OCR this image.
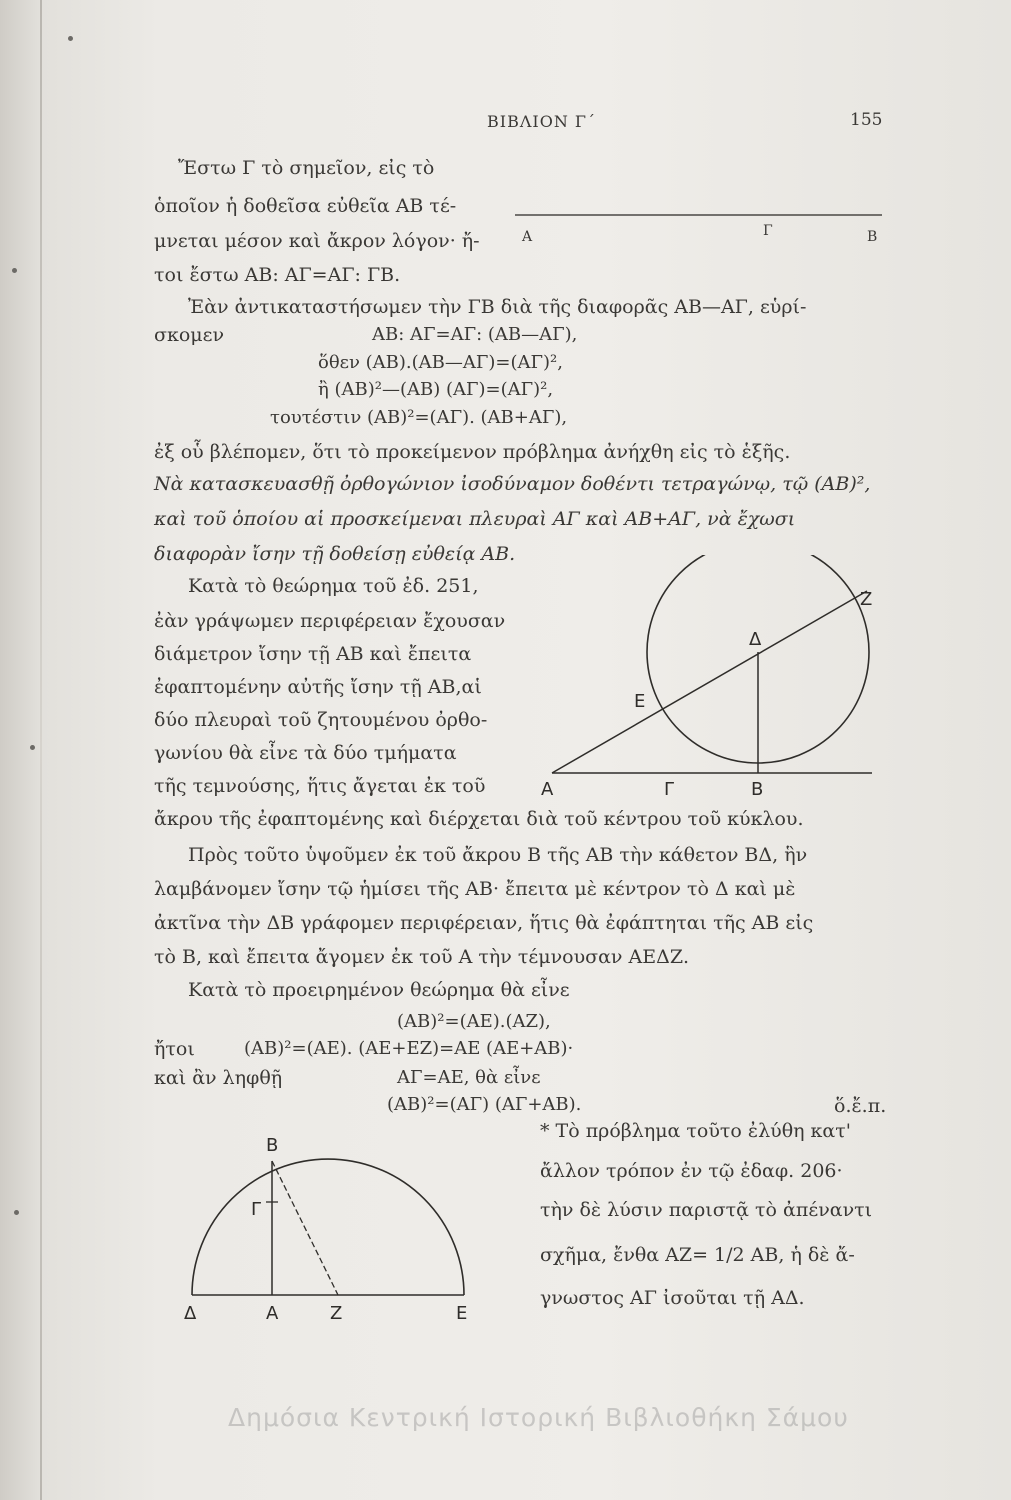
ΒΙΒΛΙΟΝ Γ΄	155
Ἔστω Γ τὸ σημεῖον, εἰς τὸ
ὁποῖον ἡ δοθεῖσα εὐθεῖα ΑΒ τέ-
μνεται μέσον καὶ ἄκρον λόγον· ἤ-
τοι ἔστω ΑΒ: ΑΓ=ΑΓ: ΓΒ.
Α	Γ	Β
Ἐὰν ἀντικαταστήσωμεν τὴν ΓΒ διὰ τῆς διαφορᾶς ΑΒ—ΑΓ, εὑρί-
σκομεν	ΑΒ: ΑΓ=ΑΓ: (ΑΒ—ΑΓ),
ὅθεν (ΑΒ).(ΑΒ—ΑΓ)=(ΑΓ)²,
ἢ (ΑΒ)²—(ΑΒ) (ΑΓ)=(ΑΓ)²,
τουτέστιν (ΑΒ)²=(ΑΓ). (ΑΒ+ΑΓ),
ἐξ οὗ βλέπομεν, ὅτι τὸ προκείμενον πρόβλημα ἀνήχθη εἰς τὸ ἑξῆς.
Νὰ κατασκευασθῇ ὀρθογώνιον ἰσοδύναμον δοθέντι τετραγώνῳ, τῷ (ΑΒ)²,
καὶ τοῦ ὁποίου αἱ προσκείμεναι πλευραὶ ΑΓ καὶ ΑΒ+ΑΓ, νὰ ἔχωσι
διαφορὰν ἴσην τῇ δοθείσῃ εὐθείᾳ ΑΒ.
Κατὰ τὸ θεώρημα τοῦ ἐδ. 251,
ἐὰν γράψωμεν περιφέρειαν ἔχουσαν
διάμετρον ἴσην τῇ ΑΒ καὶ ἔπειτα
ἐφαπτομένην αὐτῆς ἴσην τῇ ΑΒ,αἱ
δύο πλευραὶ τοῦ ζητουμένου ὀρθο-
γωνίου θὰ εἶνε τὰ δύο τμήματα
τῆς τεμνούσης, ἥτις ἄγεται ἐκ τοῦ
ἄκρου τῆς ἐφαπτομένης καὶ διέρχεται διὰ τοῦ κέντρου τοῦ κύκλου.
Z
Δ
E
A	Γ	B
Πρὸς τοῦτο ὑψοῦμεν ἐκ τοῦ ἄκρου Β τῆς ΑΒ τὴν κάθετον ΒΔ, ἣν
λαμβάνομεν ἴσην τῷ ἡμίσει τῆς ΑΒ· ἔπειτα μὲ κέντρον τὸ Δ καὶ μὲ
ἀκτῖνα τὴν ΔΒ γράφομεν περιφέρειαν, ἥτις θὰ ἐφάπτηται τῆς ΑΒ εἰς
τὸ Β, καὶ ἔπειτα ἄγομεν ἐκ τοῦ Α τὴν τέμνουσαν ΑΕΔΖ.
Κατὰ τὸ προειρημένον θεώρημα θὰ εἶνε
(ΑΒ)²=(ΑΕ).(ΑΖ),
ἤτοι	(ΑΒ)²=(ΑΕ). (ΑΕ+ΕΖ)=ΑΕ (ΑΕ+ΑΒ)·
καὶ ἂν ληφθῇ	ΑΓ=ΑΕ, θὰ εἶνε
(ΑΒ)²=(ΑΓ) (ΑΓ+ΑΒ).	ὅ.ἔ.π.
* Τὸ πρόβλημα τοῦτο ἐλύθη κατ'
ἄλλον τρόπον ἐν τῷ ἐδαφ. 206·
τὴν δὲ λύσιν παριστᾷ τὸ ἀπέναντι
σχῆμα, ἔνθα ΑΖ= 1/2 ΑΒ, ἡ δὲ ἄ-
γνωστος ΑΓ ἰσοῦται τῇ ΑΔ.
B
Γ
Δ	A	Z	E
Δημόσια Κεντρική Ιστορική Βιβλιοθήκη Σάμου
